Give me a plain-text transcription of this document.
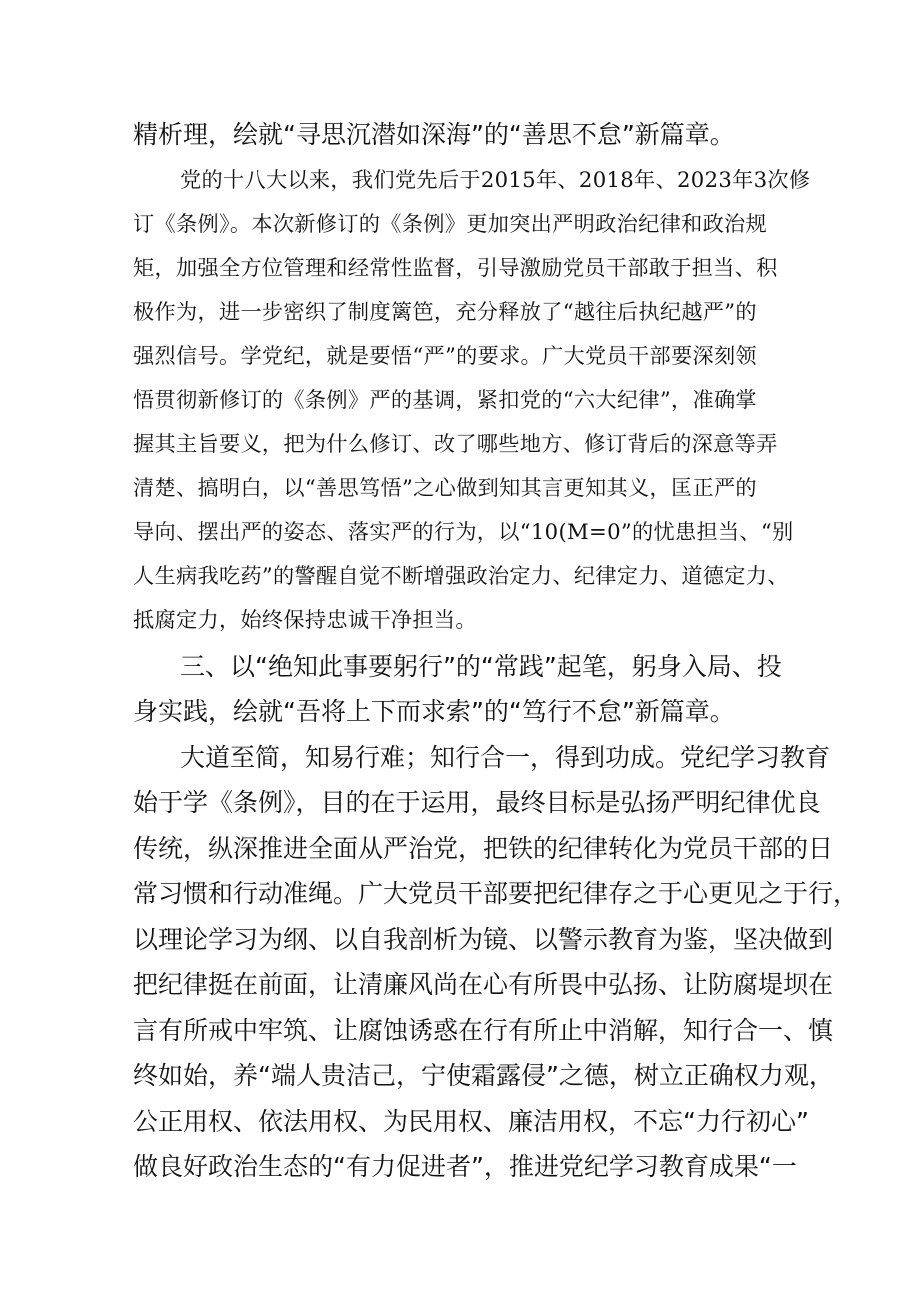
精析理，绘就“寻思沉潜如深海”的“善思不怠”新篇章。
党的十八大以来，我们党先后于2015年、2018年、2023年3次修
订《条例》。本次新修订的《条例》更加突出严明政治纪律和政治规
矩，加强全方位管理和经常性监督，引导激励党员干部敢于担当、积
极作为，进一步密织了制度篱笆，充分释放了“越往后执纪越严”的
强烈信号。学党纪，就是要悟“严”的要求。广大党员干部要深刻领
悟贯彻新修订的《条例》严的基调，紧扣党的“六大纪律”，准确掌
握其主旨要义，把为什么修订、改了哪些地方、修订背后的深意等弄
清楚、搞明白，以“善思笃悟”之心做到知其言更知其义，匡正严的
导向、摆出严的姿态、落实严的行为，以“10(M=0”的忧患担当、“别
人生病我吃药”的警醒自觉不断增强政治定力、纪律定力、道德定力、
抵腐定力，始终保持忠诚干净担当。
三、以“绝知此事要躬行”的“常践”起笔，躬身入局、投
身实践，绘就“吾将上下而求索”的“笃行不怠”新篇章。
大道至简，知易行难；知行合一，得到功成。党纪学习教育
始于学《条例》，目的在于运用，最终目标是弘扬严明纪律优良
传统，纵深推进全面从严治党，把铁的纪律转化为党员干部的日
常习惯和行动准绳。广大党员干部要把纪律存之于心更见之于行，
以理论学习为纲、以自我剖析为镜、以警示教育为鉴，坚决做到
把纪律挺在前面，让清廉风尚在心有所畏中弘扬、让防腐堤坝在
言有所戒中牢筑、让腐蚀诱惑在行有所止中消解，知行合一、慎
终如始，养“端人贵洁己，宁使霜露侵”之德，树立正确权力观，
公正用权、依法用权、为民用权、廉洁用权，不忘“力行初心”
做良好政治生态的“有力促进者”，推进党纪学习教育成果“一
